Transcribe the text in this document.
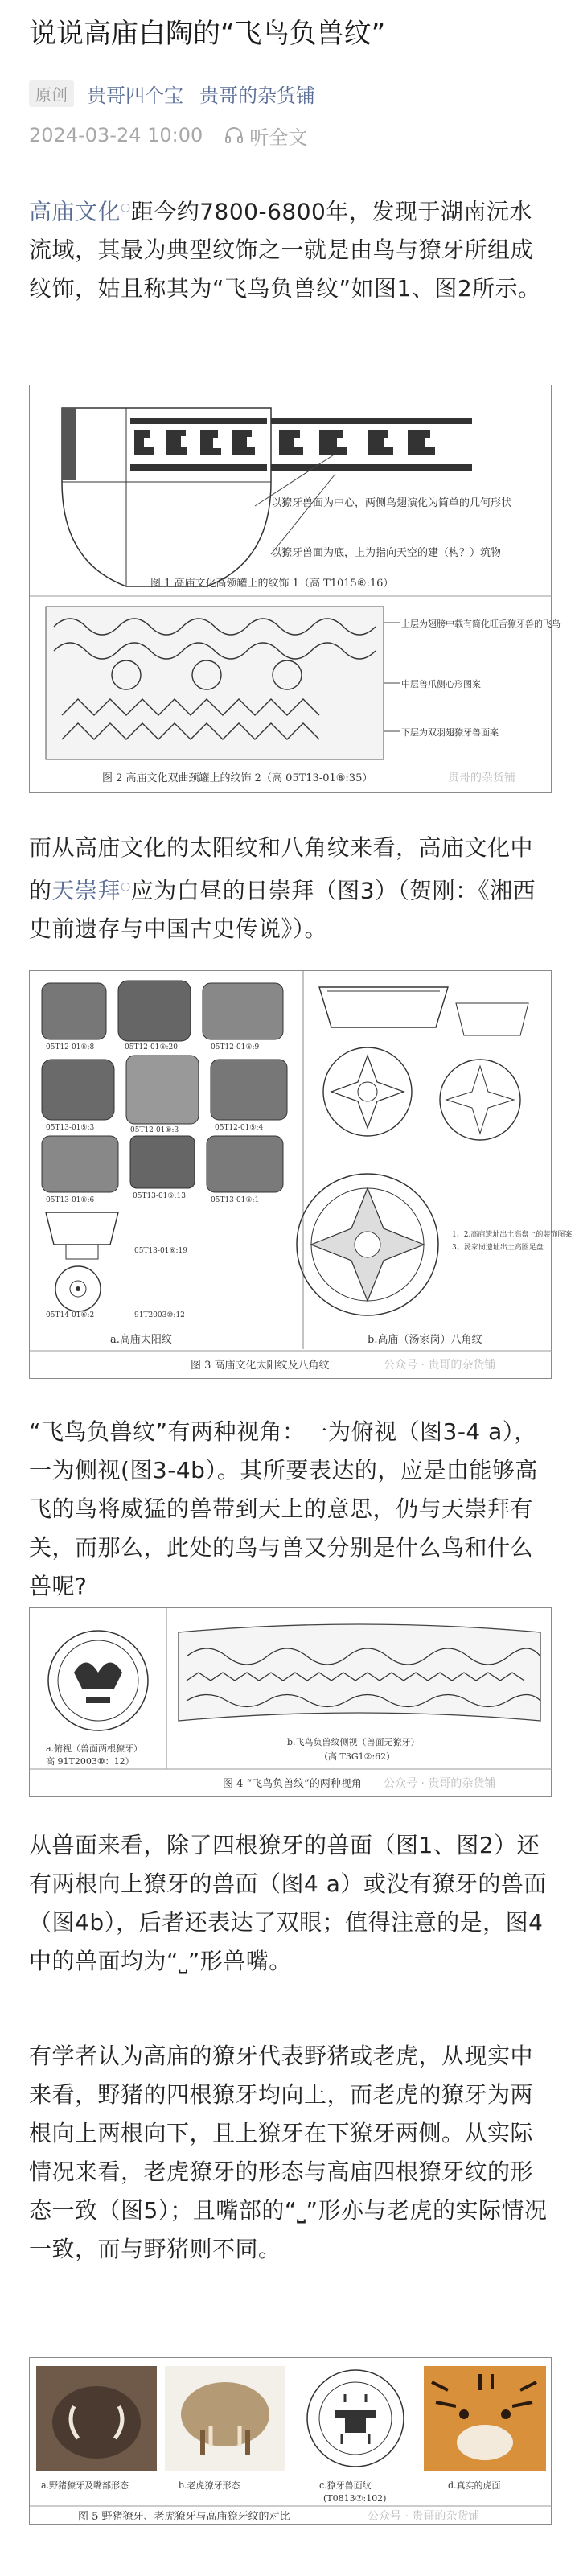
说说高庙白陶的“飞鸟负兽纹”
原创	贵哥四个宝 贵哥的杂货铺
2024-03-24 10:00 听全文

高庙文化○距今约7800-6800年，发现于湖南沅水流域，其最为典型纹饰之一就是由鸟与獠牙所组成纹饰，姑且称其为“飞鸟负兽纹”如图1、图2所示。

以獠牙兽面为中心，两侧鸟翅演化为简单的几何形状
以獠牙兽面为底，上为指向天空的建（构？）筑物
图 1 高庙文化高领罐上的纹饰 1（高 T1015⑧:16）
上层为翅膀中载有简化旺舌獠牙兽的飞鸟
中层兽爪侧心形图案
下层为双羽翅獠牙兽面案
图 2 高庙文化双曲颈罐上的纹饰 2（高 05T13-01⑧:35）	贵哥的杂货铺

而从高庙文化的太阳纹和八角纹来看，高庙文化中的天崇拜○应为白昼的日崇拜（图3）（贺刚：《湘西史前遗存与中国古史传说》）。

05T12-01⑤:8	05T12-01⑤:20	05T12-01⑤:9
05T13-01⑤:3	05T12-01⑤:3	05T12-01⑤:4
05T13-01⑤:6	05T13-01⑤:13	05T13-01⑤:1
05T13-01⑥:19
05T14-01⑥:2	91T2003⑩:12
a.高庙太阳纹
1、2.高庙遗址出土高盘上的装饰图案
3、汤家岗遗址出土高圈足盘
b.高庙（汤家岗）八角纹
图 3 高庙文化太阳纹及八角纹	公众号 · 贵哥的杂货铺

“飞鸟负兽纹”有两种视角：一为俯视（图3-4 a），一为侧视(图3-4b）。其所要表达的，应是由能够高飞的鸟将威猛的兽带到天上的意思，仍与天崇拜有关，而那么，此处的鸟与兽又分别是什么鸟和什么兽呢?

a.俯视（兽面两根獠牙）
高 91T2003⑩：12）
b.飞鸟负兽纹侧视（兽面无獠牙）
（高 T3G1②:62）
图 4 “飞鸟负兽纹”的两种视角 公众号 · 贵哥的杂货铺

从兽面来看，除了四根獠牙的兽面（图1、图2）还有两根向上獠牙的兽面（图4 a）或没有獠牙的兽面（图4b），后者还表达了双眼；值得注意的是，图4中的兽面均为“⎵”形兽嘴。

有学者认为高庙的獠牙代表野猪或老虎，从现实中来看，野猪的四根獠牙均向上，而老虎的獠牙为两根向上两根向下，且上獠牙在下獠牙两侧。从实际情况来看，老虎獠牙的形态与高庙四根獠牙纹的形态一致（图5）；且嘴部的“⎵”形亦与老虎的实际情况一致，而与野猪则不同。

a.野猪獠牙及嘴部形态	b.老虎獠牙形态	c.獠牙兽面纹
(T0813⑦:102)
d.真实的虎面
图 5 野猪獠牙、老虎獠牙与高庙獠牙纹的对比	公众号 · 贵哥的杂货铺
